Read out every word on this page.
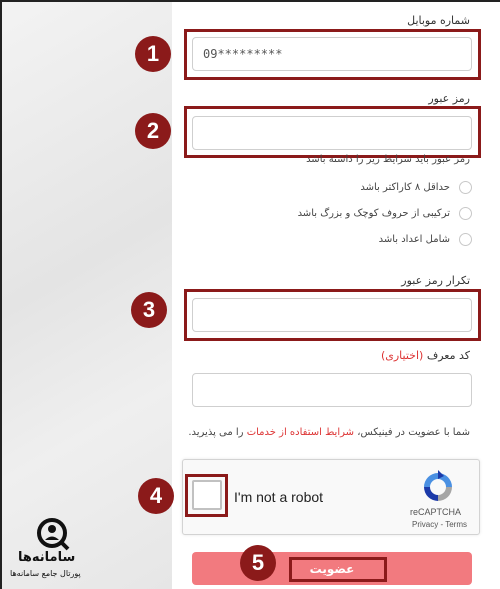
شماره موبایل
09*********
1
رمز عبور
2
رمز عبور باید شرایط زیر را داشته باشد
حداقل ۸ کاراکتر باشد
ترکیبی از حروف کوچک و بزرگ باشد
شامل اعداد باشد
تکرار رمز عبور
3
کد معرف (اختیاری)
شما با عضویت در فینیکس، شرایط استفاده از خدمات را می پذیرید.
4	I'm not a robot
reCAPTCHA
Privacy - Terms
عضویت
5
سامانه‌ها
پورتال جامع سامانه‌ها
